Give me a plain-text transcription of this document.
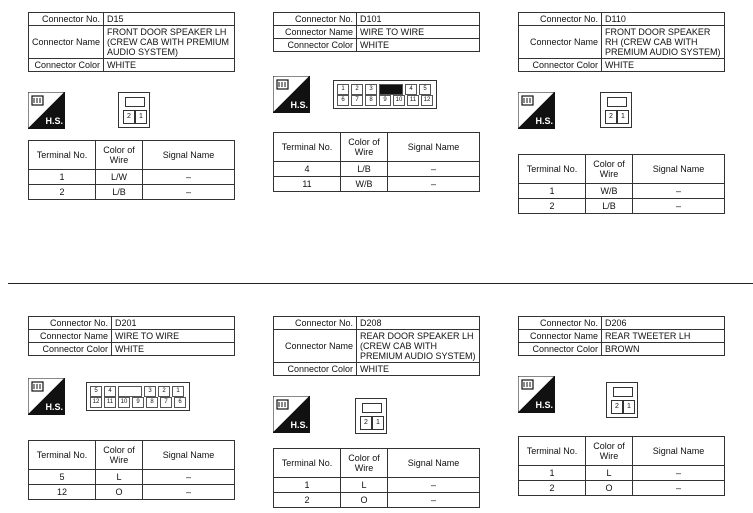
Connector No.	D15
Connector Name	FRONT DOOR SPEAKER LH (CREW CAB WITH PREMIUM AUDIO SYSTEM)
Connector Color	WHITE
H.S.	2	1
Terminal No.	Color of Wire	Signal Name
1	L/W	–
2	L/B	–
Connector No.	D101
Connector Name	WIRE TO WIRE
Connector Color	WHITE
H.S.
1	2	3	4	5
6	7	8	9	10	11	12
Terminal No.	Color of Wire	Signal Name
4	L/B	–
11	W/B	–
Connector No.	D110
Connector Name	FRONT DOOR SPEAKER RH (CREW CAB WITH PREMIUM AUDIO SYSTEM)
Connector Color	WHITE
H.S.	2	1
Terminal No.	Color of Wire	Signal Name
1	W/B	–
2	L/B	–
Connector No.	D201
Connector Name	WIRE TO WIRE
Connector Color	WHITE
H.S.
5	4	3	2	1
12	11	10	9	8	7	6
Terminal No.	Color of Wire	Signal Name
5	L	–
12	O	–
Connector No.	D208
Connector Name	REAR DOOR SPEAKER LH (CREW CAB WITH PREMIUM AUDIO SYSTEM)
Connector Color	WHITE
H.S.	2	1
Terminal No.	Color of Wire	Signal Name
1	L	–
2	O	–
Connector No.	D206
Connector Name	REAR TWEETER LH
Connector Color	BROWN
H.S.	2	1
Terminal No.	Color of Wire	Signal Name
1	L	–
2	O	–
